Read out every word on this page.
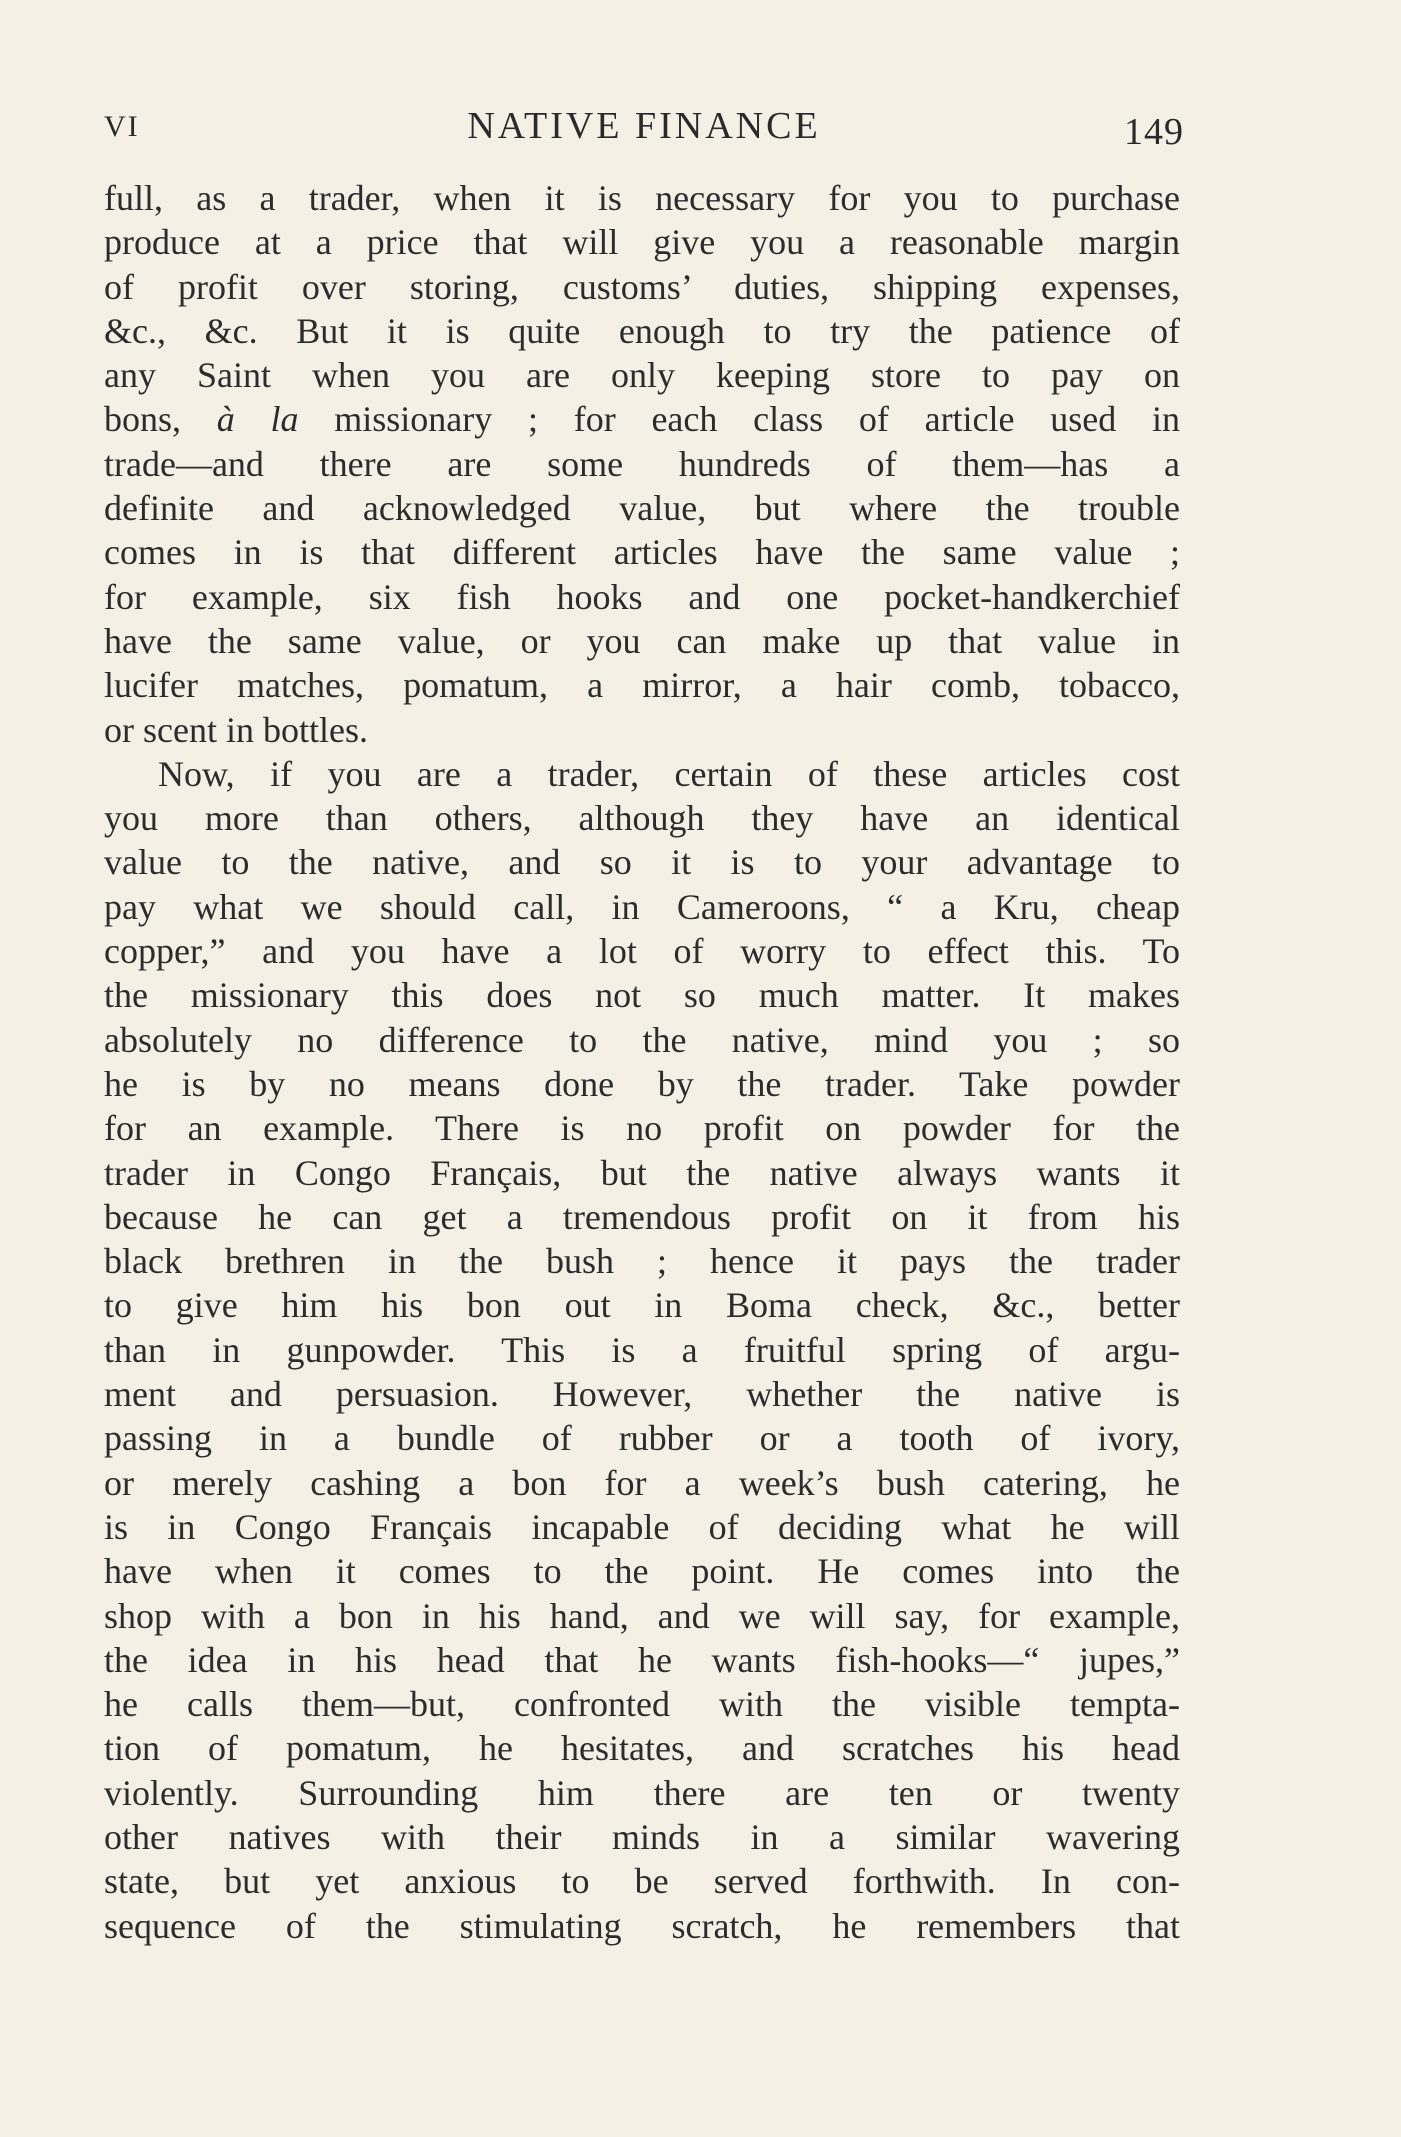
VI	NATIVE FINANCE	149
full, as a trader, when it is necessary for you to purchase
produce at a price that will give you a reasonable margin
of profit over storing, customs’ duties, shipping expenses,
&c., &c. But it is quite enough to try the patience of
any Saint when you are only keeping store to pay on
bons, à la missionary ; for each class of article used in
trade—and there are some hundreds of them—has a
definite and acknowledged value, but where the trouble
comes in is that different articles have the same value ;
for example, six fish hooks and one pocket-handkerchief
have the same value, or you can make up that value in
lucifer matches, pomatum, a mirror, a hair comb, tobacco,
or scent in bottles.
Now, if you are a trader, certain of these articles cost
you more than others, although they have an identical
value to the native, and so it is to your advantage to
pay what we should call, in Cameroons, “ a Kru, cheap
copper,” and you have a lot of worry to effect this. To
the missionary this does not so much matter. It makes
absolutely no difference to the native, mind you ; so
he is by no means done by the trader. Take powder
for an example. There is no profit on powder for the
trader in Congo Français, but the native always wants it
because he can get a tremendous profit on it from his
black brethren in the bush ; hence it pays the trader
to give him his bon out in Boma check, &c., better
than in gunpowder. This is a fruitful spring of argu-
ment and persuasion. However, whether the native is
passing in a bundle of rubber or a tooth of ivory,
or merely cashing a bon for a week’s bush catering, he
is in Congo Français incapable of deciding what he will
have when it comes to the point. He comes into the
shop with a bon in his hand, and we will say, for example,
the idea in his head that he wants fish-hooks—“ jupes,”
he calls them—but, confronted with the visible tempta-
tion of pomatum, he hesitates, and scratches his head
violently. Surrounding him there are ten or twenty
other natives with their minds in a similar wavering
state, but yet anxious to be served forthwith. In con-
sequence of the stimulating scratch, he remembers that
